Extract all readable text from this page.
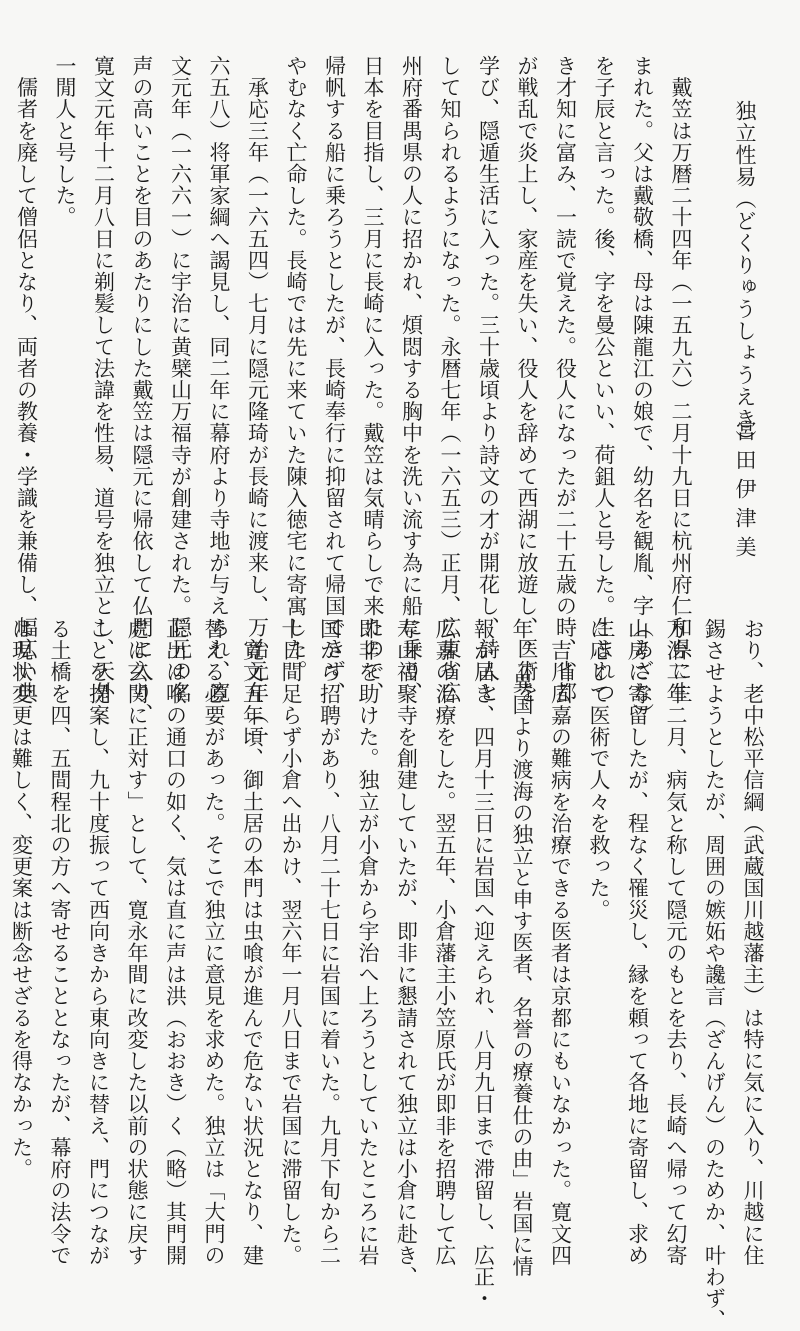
独立性易（どくりゅうしょうえき）
宮田伊津美
　戴笠は万暦二十四年（一五九六）二月十九日に杭州府仁和県に生
まれた。父は戴敬橋、母は陳龍江の娘で、幼名を観胤、字（あざな）
を子辰と言った。後、字を曼公といい、荷鉏人と号した。生まれつ
き才知に富み、一読で覚えた。役人になったが二十五歳の時、省都
が戦乱で炎上し、家産を失い、役人を辞めて西湖に放遊し、医術を
学び、隠遁生活に入った。三十歳頃より詩文の才が開花し、詩人と
して知られるようになった。永暦七年（一六五三）正月、広東省広
州府番禺県の人に招かれ、煩悶する胸中を洗い流す為に船に乗り、
日本を目指し、三月に長崎に入った。戴笠は気晴らしで来たので、
帰帆する船に乗ろうとしたが、長崎奉行に抑留されて帰国できず、
やむなく亡命した。長崎では先に来ていた陳入徳宅に寄寓した。
　承応三年（一六五四）七月に隠元隆琦が長崎に渡来し、万治元年（一
六五八）将軍家綱へ謁見し、同二年に幕府より寺地が与えられ、寛
文元年（一六六一）に宇治に黄檗山万福寺が創建された。隠元の名
声の高いことを目のあたりにした戴笠は隠元に帰依して仏門に入り、
寛文元年十二月八日に剃髪して法諱を性易、道号を独立とし、天外
一閒人と号した。
　儒者を廃して僧侶となり、両者の教養・学識を兼備し、幅広い典
おり、老中松平信綱（武蔵国川越藩主）は特に気に入り、川越に住
錫させようとしたが、周囲の嫉妬や讒言（ざんげん）のためか、叶わず、
万治二年二月、病気と称して隠元のもとを去り、長崎へ帰って幻寄
山房に寄留したが、程なく罹災し、縁を頼って各地に寄留し、求め
に応じて医術で人々を救った。
　吉川広嘉の難病を治療できる医者は京都にもいなかった。寛文四
年、「異国より渡海の独立と申す医者、名誉の療養仕の由」岩国に情
報が届き、四月十三日に岩国へ迎えられ、八月九日まで滞留し、広正・
広嘉の治療をした。翌五年、小倉藩主小笠原氏が即非を招聘して広
寿山福聚寺を創建していたが、即非に懇請されて独立は小倉に赴き、
即非を助けた。独立が小倉から宇治へ上ろうとしていたところに岩
国から招聘があり、八月二十七日に岩国に着いた。九月下旬から二
十日間足らず小倉へ出かけ、翌六年一月八日まで岩国に滞留した。
　寛文五年頃、御土居の本門は虫喰が進んで危ない状況となり、建
替える必要があった。そこで独立に意見を求めた。独立は「大門の
正出は喉の通口の如く、気は直に声は洪（おおき）く（略）其門開
處は玄関に正対す」として、寛永年間に改変した以前の状態に戻す
ことを提案し、九十度振って西向きから東向きに替え、門につなが
る土橋を四、五間程北の方へ寄せることとなったが、幕府の法令で
は現状変更は難しく、変更案は断念せざるを得なかった。
